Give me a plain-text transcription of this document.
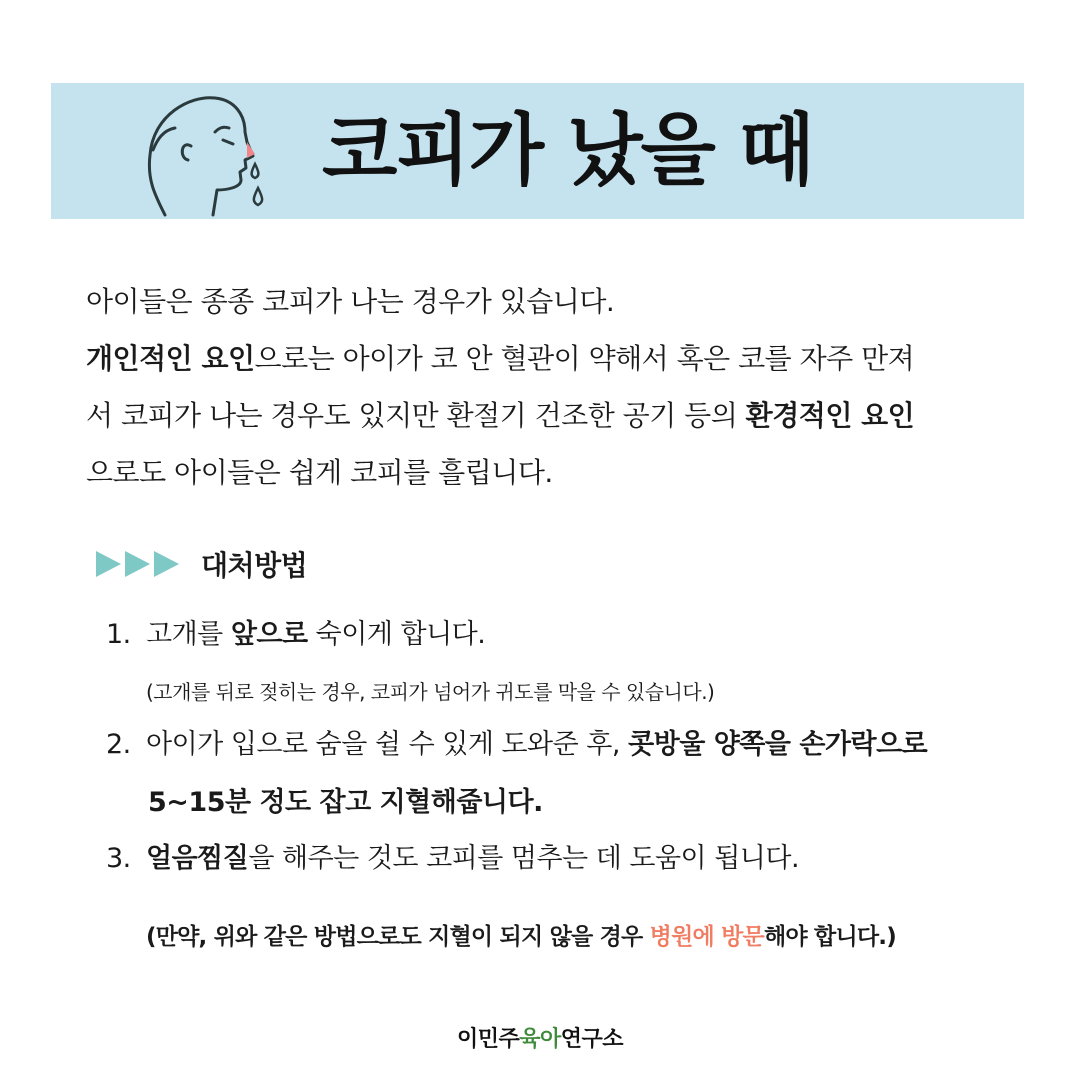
코피가 났을 때
아이들은 종종 코피가 나는 경우가 있습니다.
개인적인 요인으로는 아이가 코 안 혈관이 약해서 혹은 코를 자주 만져
서 코피가 나는 경우도 있지만 환절기 건조한 공기 등의 환경적인 요인
으로도 아이들은 쉽게 코피를 흘립니다.
대처방법
1. 고개를 앞으로 숙이게 합니다.
(고개를 뒤로 젖히는 경우, 코피가 넘어가 귀도를 막을 수 있습니다.)
2. 아이가 입으로 숨을 쉴 수 있게 도와준 후, 콧방울 양쪽을 손가락으로
5~15분 정도 잡고 지혈해줍니다.
3. 얼음찜질을 해주는 것도 코피를 멈추는 데 도움이 됩니다.
(만약, 위와 같은 방법으로도 지혈이 되지 않을 경우 병원에 방문해야 합니다.)
이민주육아연구소
